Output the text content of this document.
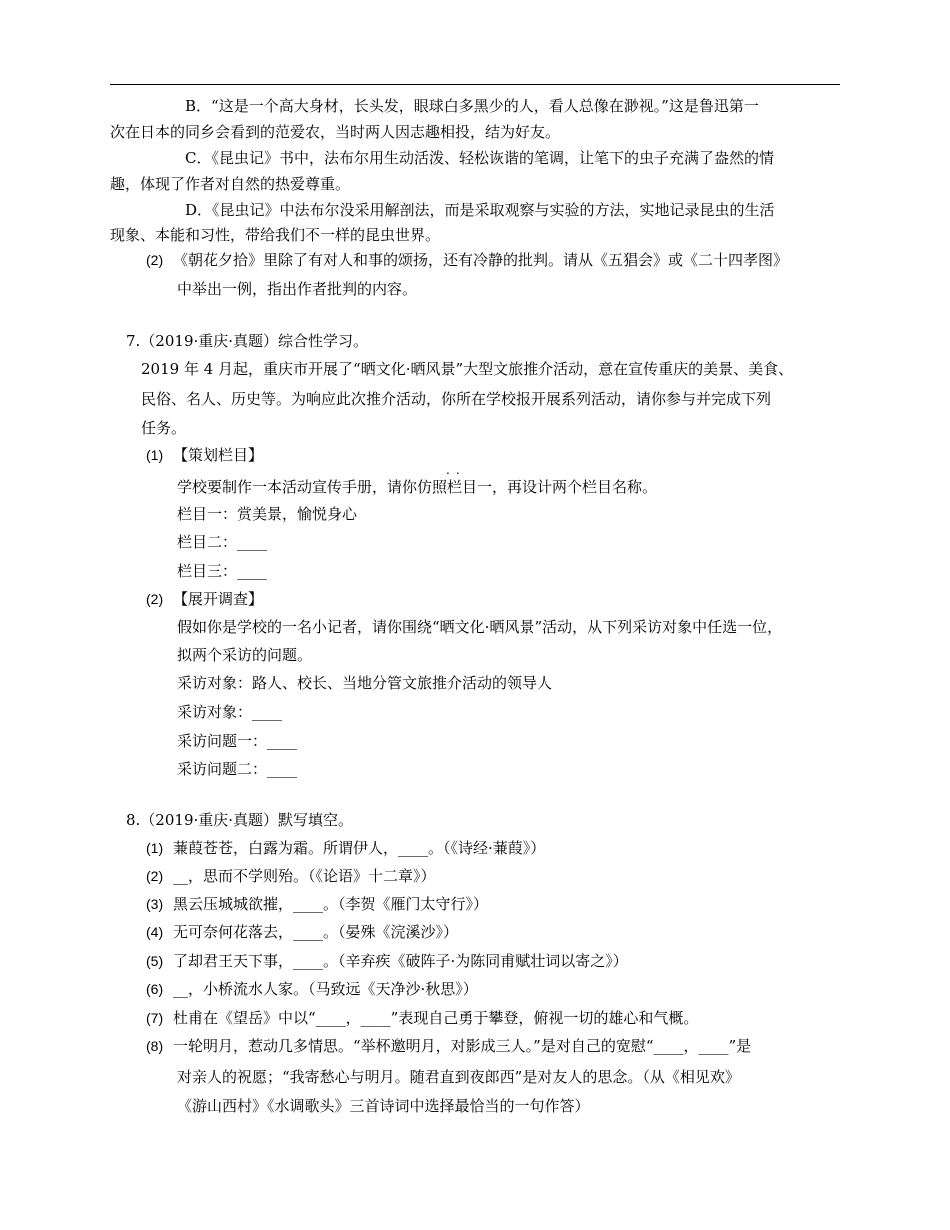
B．“这是一个高大身材，长头发，眼球白多黑少的人，看人总像在渺视。”这是鲁迅第一
次在日本的同乡会看到的范爱农，当时两人因志趣相投，结为好友。
C．《昆虫记》书中，法布尔用生动活泼、轻松诙谐的笔调，让笔下的虫子充满了盎然的情
趣，体现了作者对自然的热爱尊重。
D．《昆虫记》中法布尔没采用解剖法，而是采取观察与实验的方法，实地记录昆虫的生活
现象、本能和习性，带给我们不一样的昆虫世界。
(2) 《朝花夕拾》里除了有对人和事的颂扬，还有冷静的批判。请从《五猖会》或《二十四孝图》
中举出一例，指出作者批判的内容。
7.（2019·重庆·真题）综合性学习。
2019 年 4 月起，重庆市开展了“晒文化·晒风景”大型文旅推介活动，意在宣传重庆的美景、美食、
民俗、名人、历史等。为响应此次推介活动，你所在学校报开展系列活动，请你参与并完成下列
任务。
(1) 【策划栏目】
..
学校要制作一本活动宣传手册，请你仿照栏目一，再设计两个栏目名称。
栏目一：赏美景，愉悦身心
栏目二：____
栏目三：____
(2) 【展开调查】
假如你是学校的一名小记者，请你围绕“晒文化·晒风景”活动，从下列采访对象中任选一位，
拟两个采访的问题。
采访对象：路人、校长、当地分管文旅推介活动的领导人
采访对象：____
采访问题一：____
采访问题二：____
8.（2019·重庆·真题）默写填空。
(1) 蒹葭苍苍，白露为霜。所谓伊人，____。（《诗经·蒹葭》）
(2) __，思而不学则殆。（《论语》十二章》）
(3) 黑云压城城欲摧，____。（李贺《雁门太守行》）
(4) 无可奈何花落去，____。（晏殊《浣溪沙》）
(5) 了却君王天下事，____。（辛弃疾《破阵子·为陈同甫赋壮词以寄之》）
(6) __，小桥流水人家。（马致远《天净沙·秋思》）
(7) 杜甫在《望岳》中以“____，____”表现自己勇于攀登，俯视一切的雄心和气概。
(8) 一轮明月，惹动几多情思。“举杯邀明月，对影成三人。”是对自己的宽慰“____，____”是
对亲人的祝愿；“我寄愁心与明月。随君直到夜郎西”是对友人的思念。（从《相见欢》
《游山西村》《水调歌头》三首诗词中选择最恰当的一句作答）
